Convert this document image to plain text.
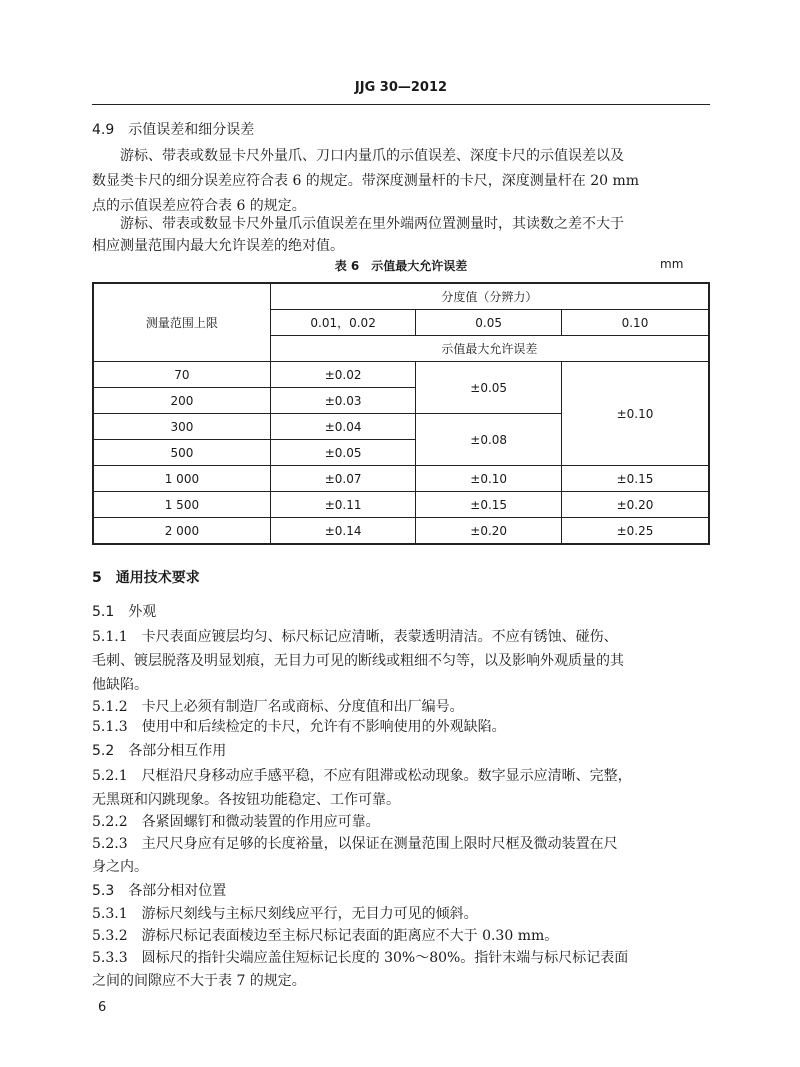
JJG 30—2012
4.9　示值误差和细分误差
游标、带表或数显卡尺外量爪、刀口内量爪的示值误差、深度卡尺的示值误差以及
数显类卡尺的细分误差应符合表 6 的规定。带深度测量杆的卡尺，深度测量杆在 20 mm
点的示值误差应符合表 6 的规定。
游标、带表或数显卡尺外量爪示值误差在里外端两位置测量时，其读数之差不大于
相应测量范围内最大允许误差的绝对值。
表 6　示值最大允许误差	mm
测量范围上限	分度值（分辨力）		
	0.01，0.02	0.05	0.10
	示值最大允许误差		
70	±0.02	±0.05	±0.10
200	±0.03		
300	±0.04	±0.08	
500	±0.05		
1 000	±0.07	±0.10	±0.15
1 500	±0.11	±0.15	±0.20
2 000	±0.14	±0.20	±0.25
5　通用技术要求
5.1　外观
5.1.1　卡尺表面应镀层均匀、标尺标记应清晰，表蒙透明清洁。不应有锈蚀、碰伤、
毛刺、镀层脱落及明显划痕，无目力可见的断线或粗细不匀等，以及影响外观质量的其
他缺陷。
5.1.2　卡尺上必须有制造厂名或商标、分度值和出厂编号。
5.1.3　使用中和后续检定的卡尺，允许有不影响使用的外观缺陷。
5.2　各部分相互作用
5.2.1　尺框沿尺身移动应手感平稳，不应有阻滞或松动现象。数字显示应清晰、完整，
无黑斑和闪跳现象。各按钮功能稳定、工作可靠。
5.2.2　各紧固螺钉和微动装置的作用应可靠。
5.2.3　主尺尺身应有足够的长度裕量，以保证在测量范围上限时尺框及微动装置在尺
身之内。
5.3　各部分相对位置
5.3.1　游标尺刻线与主标尺刻线应平行，无目力可见的倾斜。
5.3.2　游标尺标记表面棱边至主标尺标记表面的距离应不大于 0.30 mm。
5.3.3　圆标尺的指针尖端应盖住短标记长度的 30%～80%。指针末端与标尺标记表面
之间的间隙应不大于表 7 的规定。
6
